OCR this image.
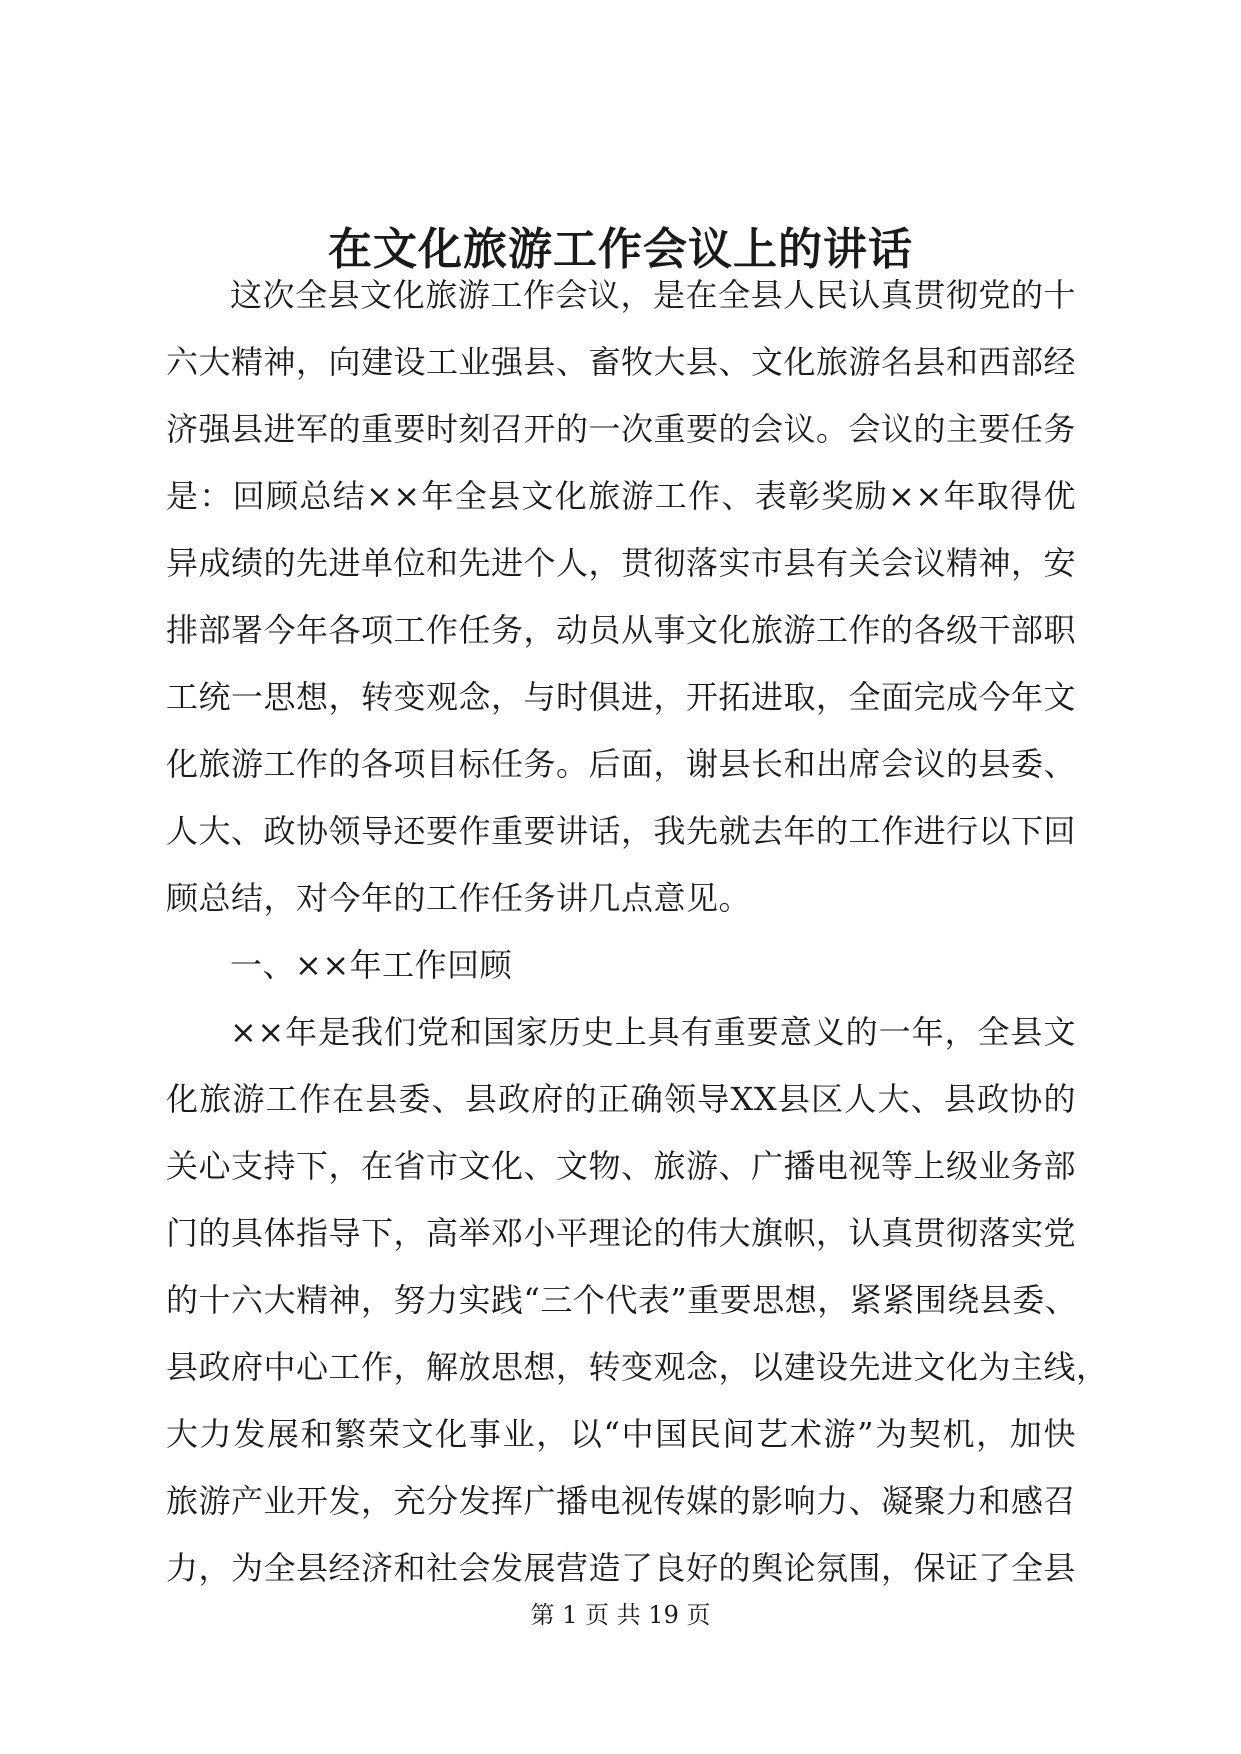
在文化旅游工作会议上的讲话
这次全县文化旅游工作会议，是在全县人民认真贯彻党的十
六大精神，向建设工业强县、畜牧大县、文化旅游名县和西部经
济强县进军的重要时刻召开的一次重要的会议。会议的主要任务
是：回顾总结××年全县文化旅游工作、表彰奖励××年取得优
异成绩的先进单位和先进个人，贯彻落实市县有关会议精神，安
排部署今年各项工作任务，动员从事文化旅游工作的各级干部职
工统一思想，转变观念，与时俱进，开拓进取，全面完成今年文
化旅游工作的各项目标任务。后面，谢县长和出席会议的县委、
人大、政协领导还要作重要讲话，我先就去年的工作进行以下回
顾总结，对今年的工作任务讲几点意见。
一、××年工作回顾
××年是我们党和国家历史上具有重要意义的一年，全县文
化旅游工作在县委、县政府的正确领导XX县区人大、县政协的
关心支持下，在省市文化、文物、旅游、广播电视等上级业务部
门的具体指导下，高举邓小平理论的伟大旗帜，认真贯彻落实党
的十六大精神，努力实践“三个代表”重要思想，紧紧围绕县委、
县政府中心工作，解放思想，转变观念，以建设先进文化为主线，
大力发展和繁荣文化事业，以“中国民间艺术游”为契机，加快
旅游产业开发，充分发挥广播电视传媒的影响力、凝聚力和感召
力，为全县经济和社会发展营造了良好的舆论氛围，保证了全县
第 1 页 共 19 页
